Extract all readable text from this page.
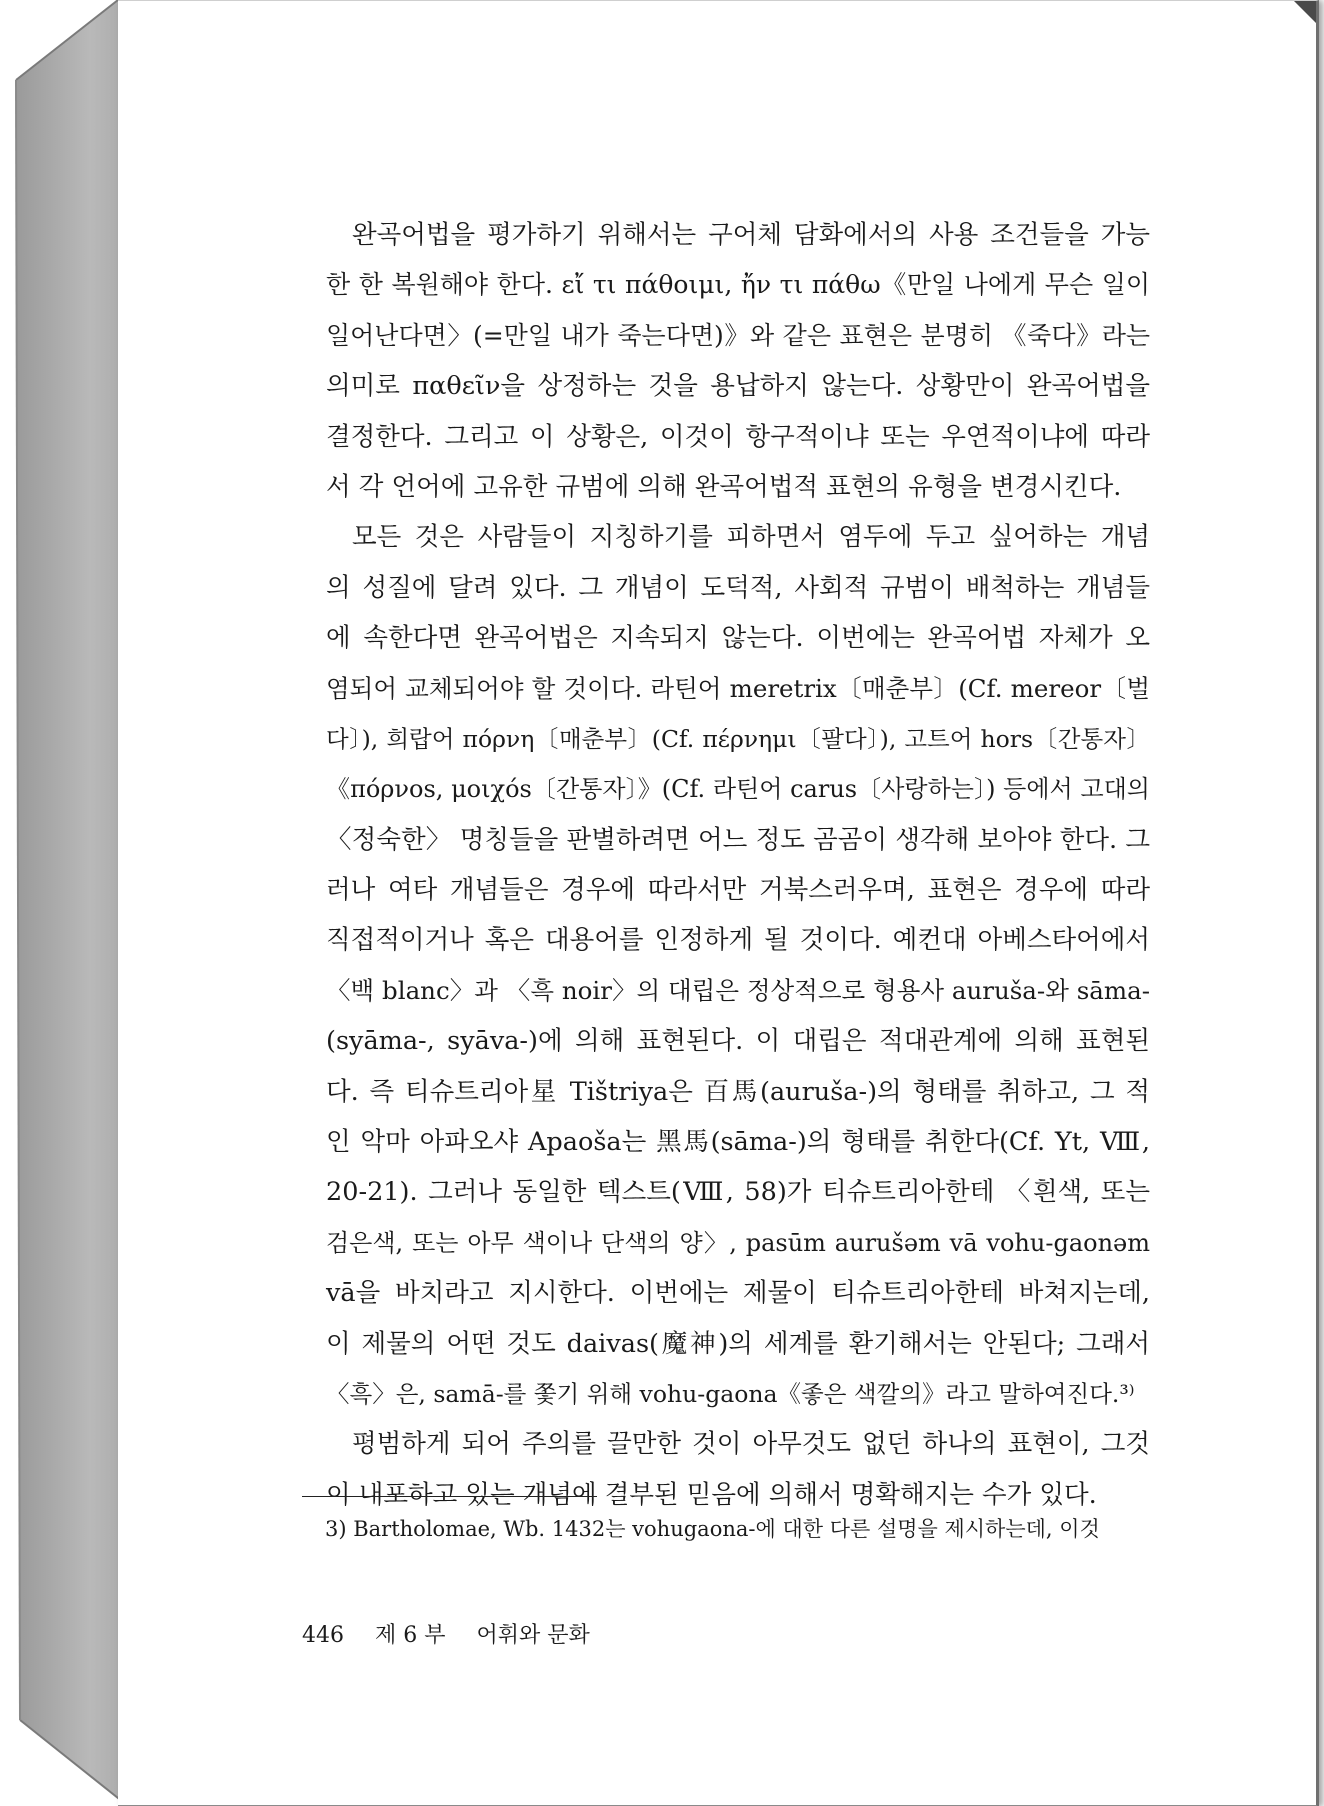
완곡어법을 평가하기 위해서는 구어체 담화에서의 사용 조건들을 가능
한 한 복원해야 한다. εἴ τι πάθοιμι, ἤν τι πάθω《만일 나에게 무슨 일이
일어난다면〉(=만일 내가 죽는다면)》와 같은 표현은 분명히 《죽다》라는
의미로 παθεῖν을 상정하는 것을 용납하지 않는다. 상황만이 완곡어법을
결정한다. 그리고 이 상황은, 이것이 항구적이냐 또는 우연적이냐에 따라
서 각 언어에 고유한 규범에 의해 완곡어법적 표현의 유형을 변경시킨다.
모든 것은 사람들이 지칭하기를 피하면서 염두에 두고 싶어하는 개념
의 성질에 달려 있다. 그 개념이 도덕적, 사회적 규범이 배척하는 개념들
에 속한다면 완곡어법은 지속되지 않는다. 이번에는 완곡어법 자체가 오
염되어 교체되어야 할 것이다. 라틴어 meretrix〔매춘부〕(Cf. mereor〔벌
다〕), 희랍어 πόρνη〔매춘부〕(Cf. πέρνημι〔팔다〕), 고트어 hors〔간통자〕
《πόρνos, μοιχόs〔간통자〕》(Cf. 라틴어 carus〔사랑하는〕) 등에서 고대의
〈정숙한〉 명칭들을 판별하려면 어느 정도 곰곰이 생각해 보아야 한다. 그
러나 여타 개념들은 경우에 따라서만 거북스러우며, 표현은 경우에 따라
직접적이거나 혹은 대용어를 인정하게 될 것이다. 예컨대 아베스타어에서
〈백 blanc〉과 〈흑 noir〉의 대립은 정상적으로 형용사 auruša-와 sāma-
(syāma-, syāva-)에 의해 표현된다. 이 대립은 적대관계에 의해 표현된
다. 즉 티슈트리아星 Tištriya은 百馬(auruša-)의 형태를 취하고, 그 적
인 악마 아파오샤 Apaoša는 黑馬(sāma-)의 형태를 취한다(Cf. Yt, Ⅷ,
20-21). 그러나 동일한 텍스트(Ⅷ, 58)가 티슈트리아한테 〈흰색, 또는
검은색, 또는 아무 색이나 단색의 양〉, pasūm aurušəm vā vohu-gaonəm
vā을 바치라고 지시한다. 이번에는 제물이 티슈트리아한테 바쳐지는데,
이 제물의 어떤 것도 daivas(魔神)의 세계를 환기해서는 안된다; 그래서
〈흑〉은, samā-를 쫓기 위해 vohu-gaona《좋은 색깔의》라고 말하여진다.³⁾
평범하게 되어 주의를 끌만한 것이 아무것도 없던 하나의 표현이, 그것
이 내포하고 있는 개념에 결부된 믿음에 의해서 명확해지는 수가 있다.
3) Bartholomae, Wb. 1432는 vohugaona-에 대한 다른 설명을 제시하는데, 이것
446 제 6 부 어휘와 문화
